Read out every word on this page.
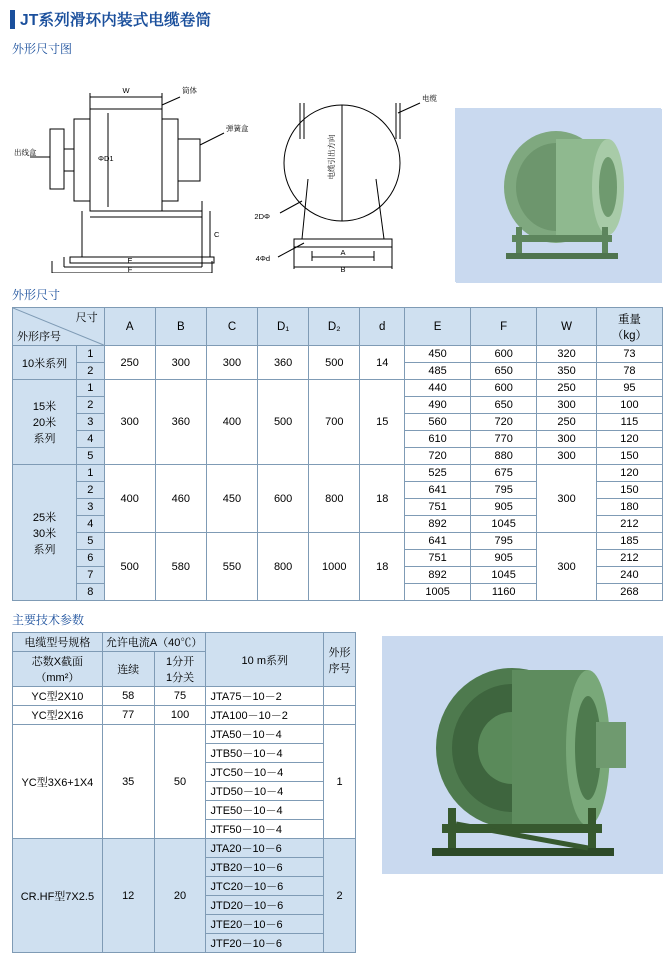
JT系列滑环内装式电缆卷筒
外形尺寸图
W	筒体
弹簧盒
出线盒
ΦD1
C
E
F
电缆
2DΦ
4Φd
A
B
电缆引出方向
外形尺寸
尺寸
外形序号
	A	B	C	D₁	D₂	d	E	F	W	
重量
（kg）

10米系列	1	250	300	300	360	500	14	450	600	320	73
	2							485	650	350	78

15米
20米
系列	1	300	360	400	500	700	15	440	600	250	95
	2							490	650	300	100
	3							560	720	250	115
	4							610	770	300	120
	5							720	880	300	150

25米
30米
系列	1	400	460	450	600	800	18	525	675	300	120
	2							641	795		150
	3							751	905		180
	4							892	1045		212
	5	500	580	550	800	1000	18	641	795	300	185
	6							751	905		212
	7							892	1045		240
	8							1005	1160		268
主要技术参数
电缆型号规格	允许电流A（40℃）		10 m系列	外形
序号

芯数X截面
（mm²）
	连续	
1分开
1分关

YC型2X10	58	75	JTA75－10－2	
YC型2X16	77	100	JTA100－10－2	
YC型3X6+1X4	35	50	JTA50－10－4	1
			JTB50－10－4	
			JTC50－10－4	
			JTD50－10－4	
			JTE50－10－4	
			JTF50－10－4	
CR.HF型7X2.5	12	20	JTA20－10－6	2
			JTB20－10－6	
			JTC20－10－6	
			JTD20－10－6	
			JTE20－10－6	
			JTF20－10－6	
